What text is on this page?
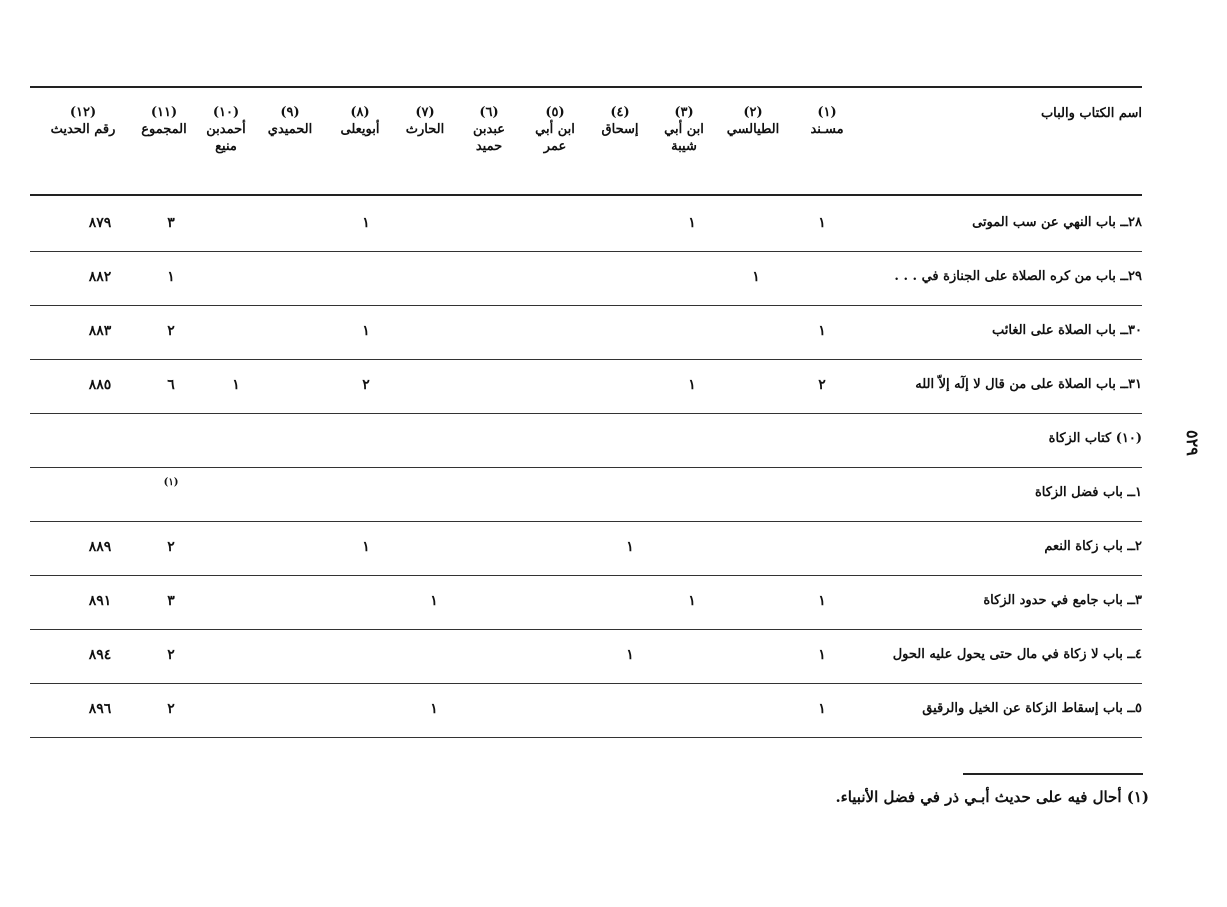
اسم الكتاب والباب
(١)
مسـند
(٢)
الطيالسي
(٣)
ابن أبي شيبة
(٤)
إسحاق
(٥)
ابن أبي عمر
(٦)
عبدبن حميد
(٧)
الحارث
(٨)
أبويعلى
(٩)
الحميدي
(١٠)
أحمدبن منيع
(١١)
المجموع
(١٢)
رقم الحديث
٢٨ــ باب النهي عن سب الموتى
١
١
١
٣
٨٧٩
٢٩ــ باب من كره الصلاة على الجنازة في . . .
١
١
٨٨٢
٣٠ــ باب الصلاة على الغائب
١
١
٢
٨٨٣
٣١ــ باب الصلاة على من قال لا إلٓه إلاّ الله
٢
١
٢
١
٦
٨٨٥
(١٠) كتاب الزكاة
١ــ باب فضل الزكاة
(١)
٢ــ باب زكاة النعم
١
١
٢
٨٨٩
٣ــ باب جامع في حدود الزكاة
١
١
١
٣
٨٩١
٤ــ باب لا زكاة في مال حتى يحول عليه الحول
١
١
٢
٨٩٤
٥ــ باب إسقاط الزكاة عن الخيل والرقيق
١
١
٢
٨٩٦
٥٢٩
(١) أحال فيه على حديث أبـي ذر في فضل الأنبياء.
